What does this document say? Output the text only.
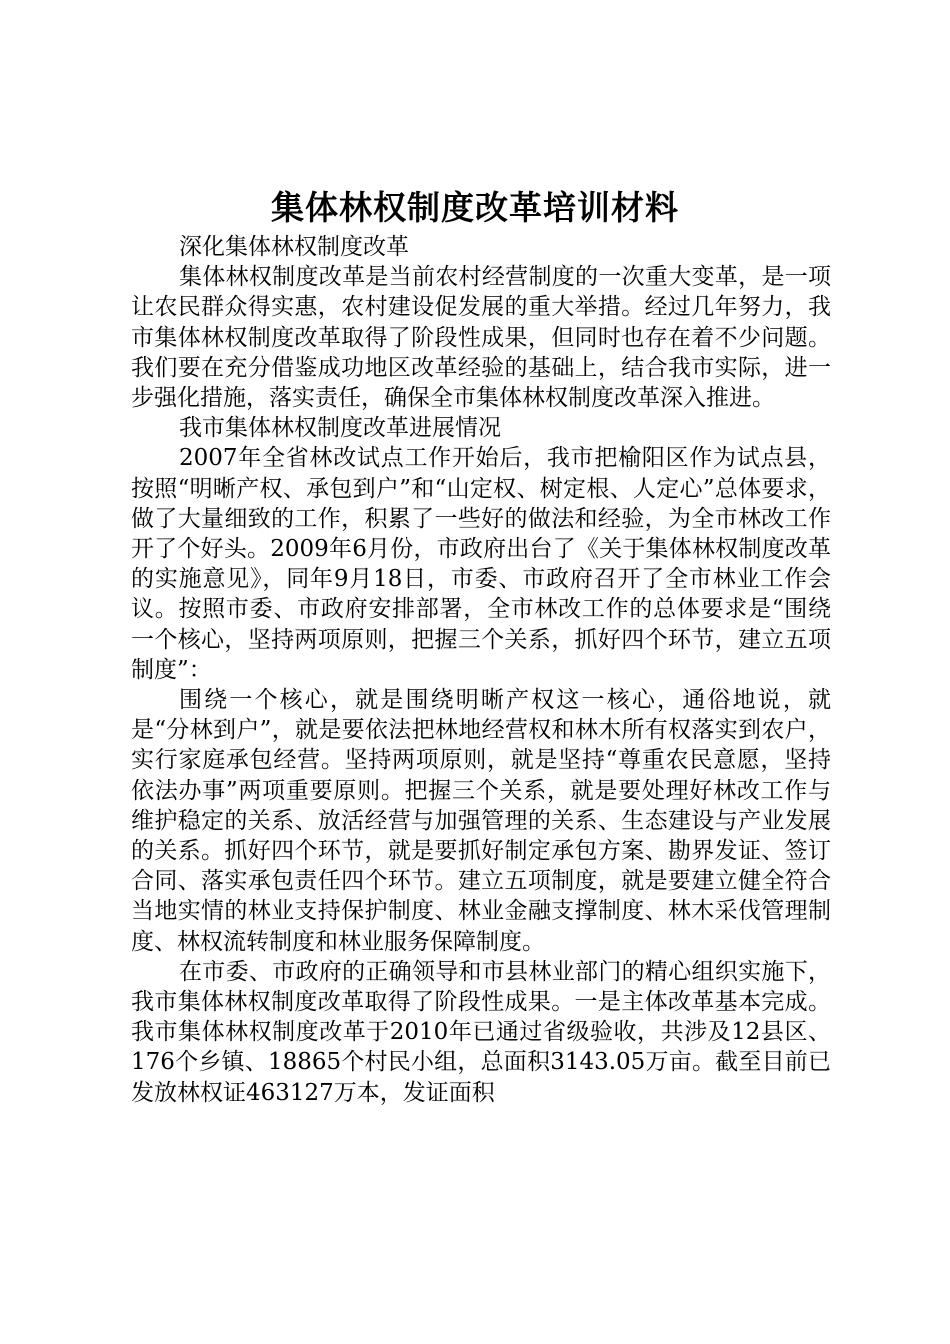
集体林权制度改革培训材料

深化集体林权制度改革

集体林权制度改革是当前农村经营制度的一次重大变革，是一项让农民群众得实惠，农村建设促发展的重大举措。经过几年努力，我市集体林权制度改革取得了阶段性成果，但同时也存在着不少问题。我们要在充分借鉴成功地区改革经验的基础上，结合我市实际，进一步强化措施，落实责任，确保全市集体林权制度改革深入推进。

我市集体林权制度改革进展情况

2007年全省林改试点工作开始后，我市把榆阳区作为试点县，按照“明晰产权、承包到户”和“山定权、树定根、人定心”总体要求，做了大量细致的工作，积累了一些好的做法和经验，为全市林改工作开了个好头。2009年6月份，市政府出台了《关于集体林权制度改革的实施意见》，同年9月18日，市委、市政府召开了全市林业工作会议。按照市委、市政府安排部署，全市林改工作的总体要求是“围绕一个核心，坚持两项原则，把握三个关系，抓好四个环节，建立五项制度”：

围绕一个核心，就是围绕明晰产权这一核心，通俗地说，就是“分林到户”，就是要依法把林地经营权和林木所有权落实到农户，实行家庭承包经营。坚持两项原则，就是坚持“尊重农民意愿，坚持依法办事”两项重要原则。把握三个关系，就是要处理好林改工作与维护稳定的关系、放活经营与加强管理的关系、生态建设与产业发展的关系。抓好四个环节，就是要抓好制定承包方案、勘界发证、签订合同、落实承包责任四个环节。建立五项制度，就是要建立健全符合当地实情的林业支持保护制度、林业金融支撑制度、林木采伐管理制度、林权流转制度和林业服务保障制度。

在市委、市政府的正确领导和市县林业部门的精心组织实施下，我市集体林权制度改革取得了阶段性成果。一是主体改革基本完成。我市集体林权制度改革于2010年已通过省级验收，共涉及12县区、176个乡镇、18865个村民小组，总面积3143.05万亩。截至目前已发放林权证463127万本，发证面积
